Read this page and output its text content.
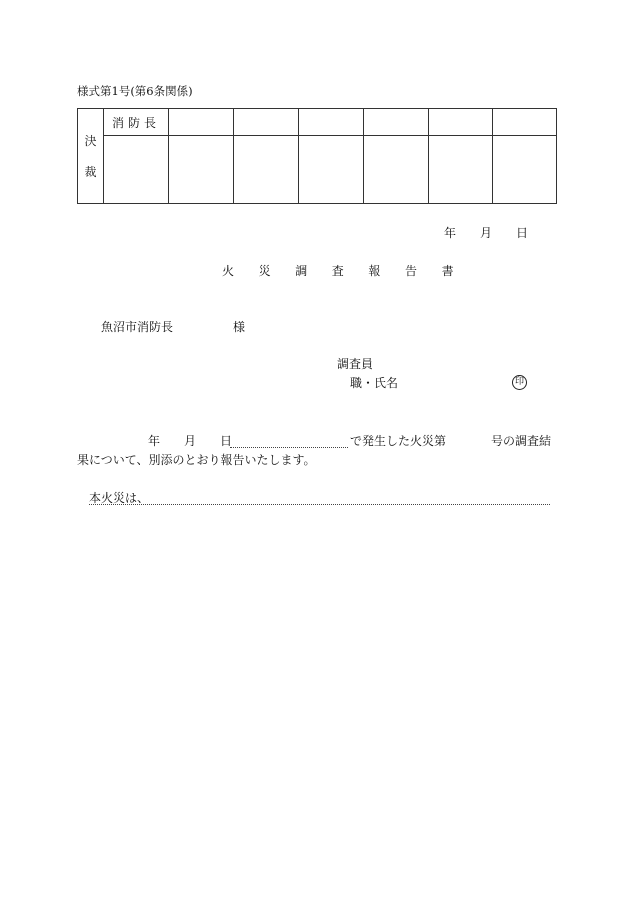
様式第1号(第6条関係)
決
裁	消防長						

年　　月　　日
火　　災　　調　　査　　報　　告　　書
魚沼市消防長　　　　　様
調査員
職・氏名	印
年　　月　　日	で発生した火災第	号の調査結
果について、別添のとおり報告いたします。
本火災は、
